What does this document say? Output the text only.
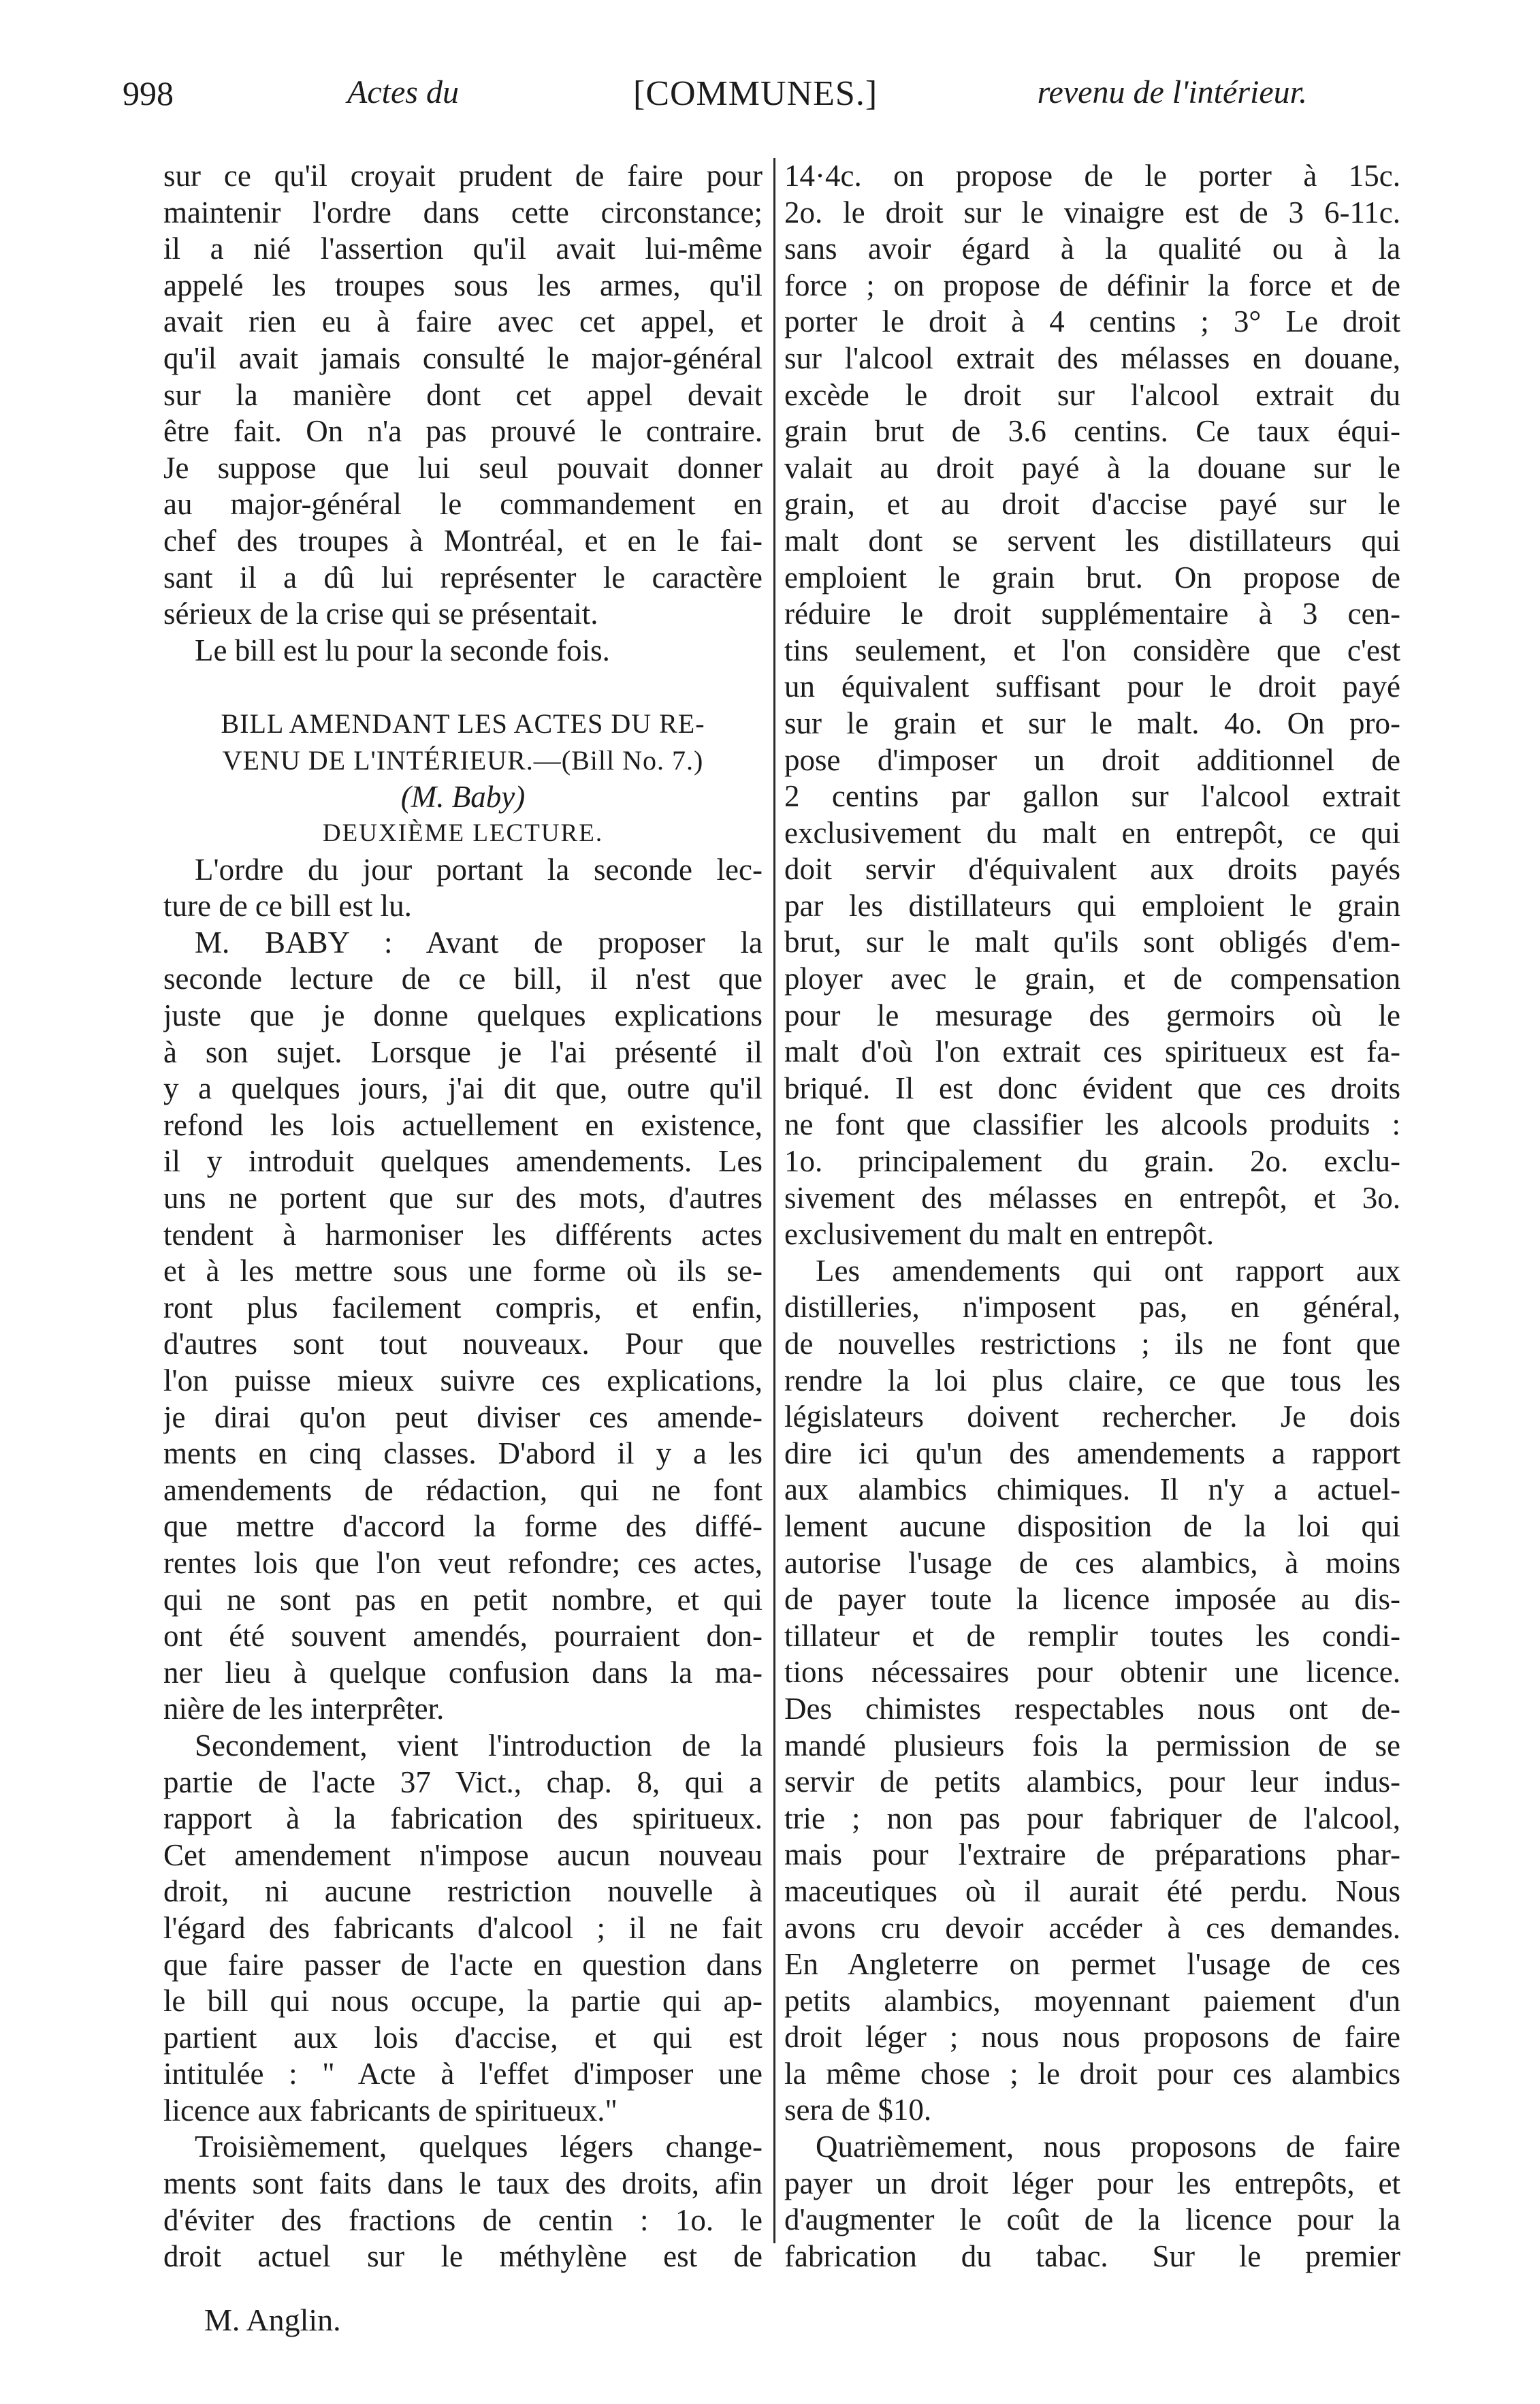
998	Actes du	[COMMUNES.]	revenu de l'intérieur.
sur ce qu'il croyait prudent de faire pour
maintenir l'ordre dans cette circonstance;
il a nié l'assertion qu'il avait lui-même
appelé les troupes sous les armes, qu'il
avait rien eu à faire avec cet appel, et
qu'il avait jamais consulté le major-général
sur la manière dont cet appel devait
être fait. On n'a pas prouvé le contraire.
Je suppose que lui seul pouvait donner
au major-général le commandement en
chef des troupes à Montréal, et en le fai-
sant il a dû lui représenter le caractère
sérieux de la crise qui se présentait.
Le bill est lu pour la seconde fois.
BILL AMENDANT LES ACTES DU RE-
VENU DE L'INTÉRIEUR.—(Bill No. 7.)
(M. Baby)
DEUXIÈME LECTURE.
L'ordre du jour portant la seconde lec-
ture de ce bill est lu.
M. BABY : Avant de proposer la
seconde lecture de ce bill, il n'est que
juste que je donne quelques explications
à son sujet. Lorsque je l'ai présenté il
y a quelques jours, j'ai dit que, outre qu'il
refond les lois actuellement en existence,
il y introduit quelques amendements. Les
uns ne portent que sur des mots, d'autres
tendent à harmoniser les différents actes
et à les mettre sous une forme où ils se-
ront plus facilement compris, et enfin,
d'autres sont tout nouveaux. Pour que
l'on puisse mieux suivre ces explications,
je dirai qu'on peut diviser ces amende-
ments en cinq classes. D'abord il y a les
amendements de rédaction, qui ne font
que mettre d'accord la forme des diffé-
rentes lois que l'on veut refondre; ces actes,
qui ne sont pas en petit nombre, et qui
ont été souvent amendés, pourraient don-
ner lieu à quelque confusion dans la ma-
nière de les interprêter.
Secondement, vient l'introduction de la
partie de l'acte 37 Vict., chap. 8, qui a
rapport à la fabrication des spiritueux.
Cet amendement n'impose aucun nouveau
droit, ni aucune restriction nouvelle à
l'égard des fabricants d'alcool ; il ne fait
que faire passer de l'acte en question dans
le bill qui nous occupe, la partie qui ap-
partient aux lois d'accise, et qui est
intitulée : " Acte à l'effet d'imposer une
licence aux fabricants de spiritueux."
Troisièmement, quelques légers change-
ments sont faits dans le taux des droits, afin
d'éviter des fractions de centin : 1o. le
droit actuel sur le méthylène est de
14·4c. on propose de le porter à 15c.
2o. le droit sur le vinaigre est de 3 6-11c.
sans avoir égard à la qualité ou à la
force ; on propose de définir la force et de
porter le droit à 4 centins ; 3° Le droit
sur l'alcool extrait des mélasses en douane,
excède le droit sur l'alcool extrait du
grain brut de 3.6 centins. Ce taux équi-
valait au droit payé à la douane sur le
grain, et au droit d'accise payé sur le
malt dont se servent les distillateurs qui
emploient le grain brut. On propose de
réduire le droit supplémentaire à 3 cen-
tins seulement, et l'on considère que c'est
un équivalent suffisant pour le droit payé
sur le grain et sur le malt. 4o. On pro-
pose d'imposer un droit additionnel de
2 centins par gallon sur l'alcool extrait
exclusivement du malt en entrepôt, ce qui
doit servir d'équivalent aux droits payés
par les distillateurs qui emploient le grain
brut, sur le malt qu'ils sont obligés d'em-
ployer avec le grain, et de compensation
pour le mesurage des germoirs où le
malt d'où l'on extrait ces spiritueux est fa-
briqué. Il est donc évident que ces droits
ne font que classifier les alcools produits :
1o. principalement du grain. 2o. exclu-
sivement des mélasses en entrepôt, et 3o.
exclusivement du malt en entrepôt.
Les amendements qui ont rapport aux
distilleries, n'imposent pas, en général,
de nouvelles restrictions ; ils ne font que
rendre la loi plus claire, ce que tous les
législateurs doivent rechercher. Je dois
dire ici qu'un des amendements a rapport
aux alambics chimiques. Il n'y a actuel-
lement aucune disposition de la loi qui
autorise l'usage de ces alambics, à moins
de payer toute la licence imposée au dis-
tillateur et de remplir toutes les condi-
tions nécessaires pour obtenir une licence.
Des chimistes respectables nous ont de-
mandé plusieurs fois la permission de se
servir de petits alambics, pour leur indus-
trie ; non pas pour fabriquer de l'alcool,
mais pour l'extraire de préparations phar-
maceutiques où il aurait été perdu. Nous
avons cru devoir accéder à ces demandes.
En Angleterre on permet l'usage de ces
petits alambics, moyennant paiement d'un
droit léger ; nous nous proposons de faire
la même chose ; le droit pour ces alambics
sera de $10.
Quatrièmement, nous proposons de faire
payer un droit léger pour les entrepôts, et
d'augmenter le coût de la licence pour la
fabrication du tabac. Sur le premier
M. Anglin.
